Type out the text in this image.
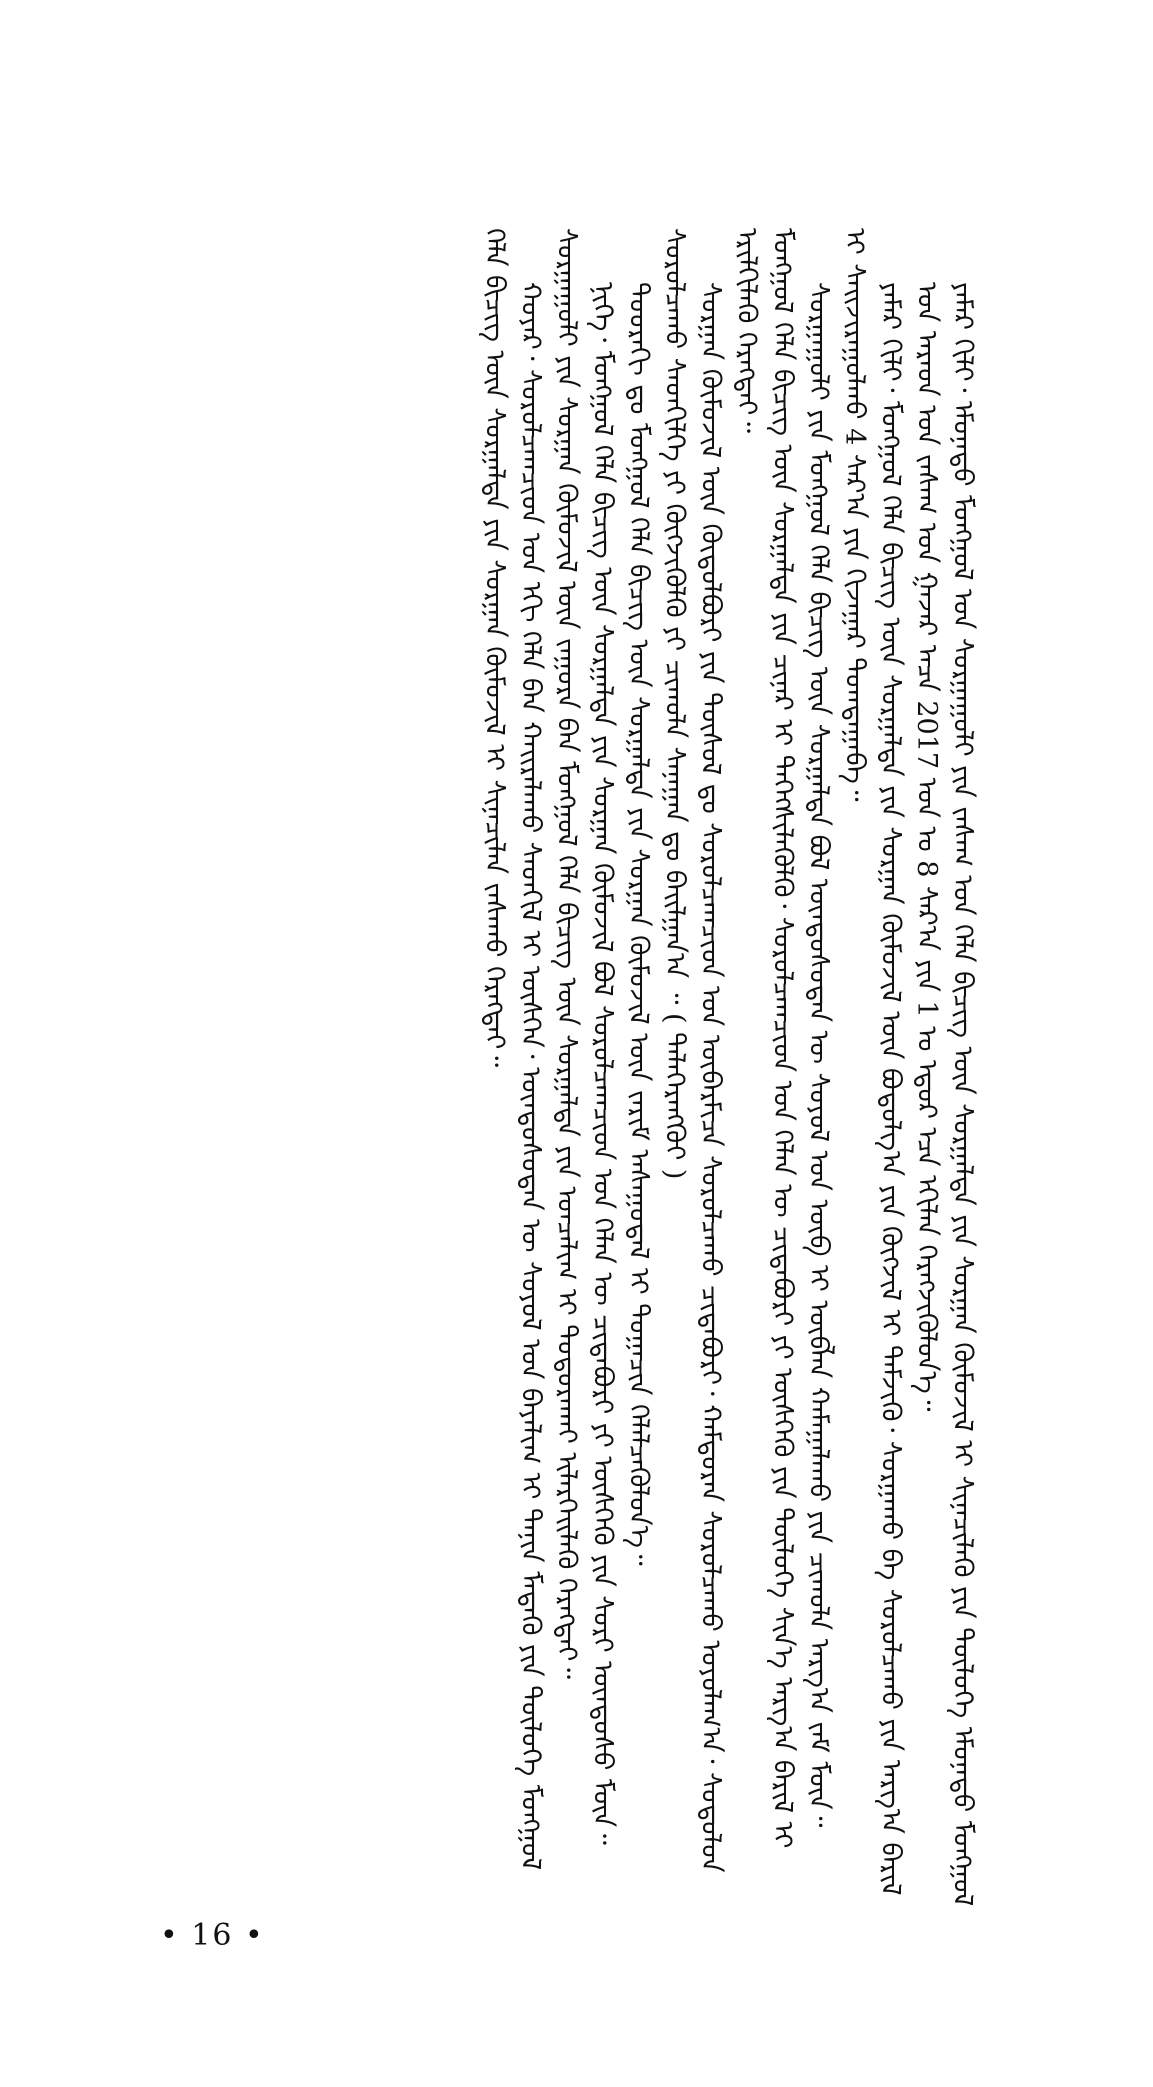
ᠶᠠᠮᠠᠷ ᠬᠢᠯᠢ᠂ ᠡᠮᠦᠨᠡᠳᠦ ᠮᠣᠩᠭᠣᠯ ᠤᠨ ᠰᠤᠷᠭᠠᠭᠤᠯᠢ ᠶᠢᠨ ᠵᠠᠰᠠᠭ ᠤᠨ ᠬᠡᠯᠡ ᠪᠢᠴᠢᠭ ᠦᠨ ᠰᠤᠷᠭᠠᠯᠲᠠ ᠶᠢᠨ ᠰᠤᠷᠭᠠᠨ ᠬᠦᠮᠦᠵᠢᠯ ᠢ ᠰᠢᠨᠡᠴᠢᠯᠡᠬᠦ ᠶᠢᠨ ᠲᠥᠯᠦᠭᠡ ᠡᠮᠦᠨᠡᠳᠦ ᠮᠣᠩᠭᠣᠯ ᠤᠨ ᠠᠷᠠᠳ ᠤᠨ ᠵᠠᠰᠠᠭ ᠤᠨ ᠭᠠᠵᠠᠷ ᠠᠴᠠ 2017 ᠣᠨ ᠤ 8 ᠰᠠᠷ᠎ᠠ ᠶᠢᠨ 1 ᠤ ᠡᠳᠦᠷ ᠡᠴᠡ ᠡᠬᠢᠯᠡᠨ ᠬᠡᠷᠡᠭᠵᠢᠭᠦᠯᠦᠨ᠎ᠡ᠃

ᠶᠠᠮᠠᠷ ᠬᠢᠯᠢ᠂ ᠮᠣᠩᠭᠣᠯ ᠬᠡᠯᠡ ᠪᠢᠴᠢᠭ ᠦᠨ ᠰᠤᠷᠭᠠᠯᠲᠠ ᠶᠢᠨ ᠰᠤᠷᠭᠠᠨ ᠬᠦᠮᠦᠵᠢᠯ ᠦᠨ ᠪᠣᠳᠤᠯᠭ᠎ᠠ ᠶᠢᠨ ᠬᠥᠭᠵᠢᠯ ᠢ ᠳᠡᠮᠵᠢᠬᠦ᠂ ᠰᠤᠷᠭᠠᠬᠤ ᠪᠠ ᠰᠤᠷᠤᠯᠴᠠᠬᠤ ᠶᠢᠨ ᠠᠷᠭ᠎ᠠ ᠪᠠᠷᠢᠯ ᠢ ᠰᠠᠢᠵᠢᠷᠠᠭᠤᠯᠬᠤ 4 ᠰᠠᠷ᠎ᠠ ᠶᠢᠨ ᠬᠢᠵᠠᠭᠠᠷ ᠲᠣᠭᠲᠠᠭᠠᠪᠠ᠃

ᠰᠤᠷᠭᠠᠭᠤᠯᠢ ᠶᠢᠨ ᠮᠣᠩᠭᠣᠯ ᠬᠡᠯᠡ ᠪᠢᠴᠢᠭ ᠦᠨ ᠰᠤᠷᠭᠠᠯᠲᠠ ᠪᠣᠯ ᠦᠨᠳᠦᠰᠦᠲᠡᠨ ᠦ ᠰᠣᠶᠣᠯ ᠤᠨ ᠥᠪ ᠢ ᠥᠪᠯᠡᠨ ᠬᠠᠮᠠᠭᠠᠯᠠᠬᠤ ᠶᠢᠨ ᠴᠢᠬᠤᠯᠠ ᠠᠷᠭ᠎ᠠ ᠵᠠᠮ ᠮᠥᠨ᠃ ᠮᠣᠩᠭᠣᠯ ᠬᠡᠯᠡ ᠪᠢᠴᠢᠭ ᠦᠨ ᠰᠤᠷᠭᠠᠯᠲᠠ ᠶᠢᠨ ᠴᠢᠨᠠᠷ ᠢ ᠳᠡᠭᠡᠭᠰᠢᠯᠡᠭᠦᠯᠬᠦ᠂ ᠰᠤᠷᠤᠯᠴᠠᠭᠴᠢᠳ ᠤᠨ ᠬᠡᠯᠡᠨ ᠦ ᠴᠢᠳᠠᠪᠤᠷᠢ ᠶᠢ ᠥᠰᠬᠡᠬᠦ ᠶᠢᠨ ᠲᠥᠯᠦᠭᠡ ᠰᠢᠨ᠎ᠡ ᠠᠷᠭ᠎ᠠ ᠪᠠᠷᠢᠯ ᠢ ᠡᠷᠢᠯᠬᠢᠯᠡᠬᠦ ᠬᠡᠷᠡᠭᠲᠡᠢ᠃

ᠰᠤᠷᠭᠠᠨ ᠬᠦᠮᠦᠵᠢᠯ ᠦᠨ ᠬᠥᠲᠥᠯᠪᠦᠷᠢ ᠶᠢᠨ ᠲᠥᠰᠥᠯ ᠳᠤ ᠰᠤᠷᠤᠯᠴᠠᠭᠴᠢᠳ ᠤᠨ ᠥᠪᠡᠷᠮᠢᠴᠡ ᠰᠤᠷᠤᠯᠴᠠᠬᠤ ᠴᠢᠳᠠᠪᠤᠷᠢ᠂ ᠬᠠᠮᠲᠤᠷᠠᠨ ᠰᠤᠷᠤᠯᠴᠠᠬᠤ ᠤᠶᠤᠯᠠᠭ᠎ᠠ᠂ ᠰᠤᠳᠤᠯᠤᠨ ᠰᠤᠷᠤᠯᠴᠠᠬᠤ ᠰᠡᠳᠬᠢᠯᠭᠡ ᠶᠢ ᠬᠥᠭᠵᠢᠭᠦᠯᠬᠦ ᠶᠢ ᠴᠢᠬᠤᠯᠠ ᠰᠠᠨᠠᠭᠠᠨ ᠳᠤ ᠪᠠᠢᠯᠭᠠᠨ᠎ᠠ ᠃ ( ᠳᠡᠯᠡᠭᠡᠷᠡᠩᠭᠦᠢ )

ᠳᠣᠣᠷᠠᠬᠢ ᠳᠤ ᠮᠣᠩᠭᠣᠯ ᠬᠡᠯᠡ ᠪᠢᠴᠢᠭ ᠦᠨ ᠰᠤᠷᠭᠠᠯᠲᠠ ᠶᠢᠨ ᠰᠤᠷᠭᠠᠨ ᠬᠦᠮᠦᠵᠢᠯ ᠦᠨ ᠵᠠᠷᠢᠮ ᠠᠰᠠᠭᠤᠳᠠᠯ ᠢ ᠲᠣᠭᠠᠴᠢᠨ ᠬᠡᠯᠡᠯᠴᠡᠭᠦᠯᠦᠨ᠎ᠡ᠃

ᠨᠢᠭᠡ᠂ ᠮᠣᠩᠭᠣᠯ ᠬᠡᠯᠡ ᠪᠢᠴᠢᠭ ᠦᠨ ᠰᠤᠷᠭᠠᠯᠲᠠ ᠶᠢᠨ ᠰᠤᠷᠭᠠᠨ ᠬᠦᠮᠦᠵᠢᠯ ᠪᠣᠯ ᠰᠤᠷᠤᠯᠴᠠᠭᠴᠢᠳ ᠤᠨ ᠬᠡᠯᠡᠨ ᠦ ᠴᠢᠳᠠᠪᠤᠷᠢ ᠶᠢ ᠥᠰᠬᠡᠬᠦ ᠶᠢᠨ ᠰᠤᠷᠢ ᠦᠨᠳᠦᠰᠦ ᠮᠥᠨ᠃ ᠰᠤᠷᠭᠠᠭᠤᠯᠢ ᠶᠢᠨ ᠰᠤᠷᠭᠠᠨ ᠬᠦᠮᠦᠵᠢᠯ ᠦᠨ ᠵᠠᠭᠤᠷᠠ ᠪᠠᠨ ᠮᠣᠩᠭᠣᠯ ᠬᠡᠯᠡ ᠪᠢᠴᠢᠭ ᠦᠨ ᠰᠤᠷᠭᠠᠯᠲᠠ ᠶᠢᠨ ᠣᠨᠴᠠᠯᠢᠭ ᠢ ᠲᠣᠳᠣᠷᠠᠬᠠᠢ ᠢᠯᠡᠷᠬᠡᠢᠯᠡᠬᠦ ᠬᠡᠷᠡᠭᠲᠡᠢ᠃

ᠬᠣᠶᠠᠷ᠂ ᠰᠤᠷᠤᠯᠴᠠᠭᠴᠢᠳ ᠤᠨ ᠡᠬᠢ ᠬᠡᠯᠡ ᠪᠠᠨ ᠬᠠᠢᠷᠠᠯᠠᠬᠤ ᠰᠡᠳᠬᠢᠯ ᠢ ᠥᠰᠬᠡᠨ᠂ ᠦᠨᠳᠦᠰᠦᠲᠡᠨ ᠦ ᠰᠣᠶᠣᠯ ᠤᠨ ᠪᠠᠶᠠᠯᠢᠭ ᠢ ᠲᠠᠨᠢᠨ ᠮᠡᠳᠡᠬᠦ ᠶᠢᠨ ᠲᠥᠯᠦᠭᠡ ᠮᠣᠩᠭᠣᠯ ᠬᠡᠯᠡ ᠪᠢᠴᠢᠭ ᠦᠨ ᠰᠤᠷᠭᠠᠯᠲᠠ ᠶᠢᠨ ᠰᠤᠷᠭᠠᠨ ᠬᠦᠮᠦᠵᠢᠯ ᠢ ᠰᠢᠨᠡᠴᠢᠯᠡᠨ ᠵᠠᠰᠠᠬᠤ ᠬᠡᠷᠡᠭᠲᠡᠢ᠃

• 16 •
